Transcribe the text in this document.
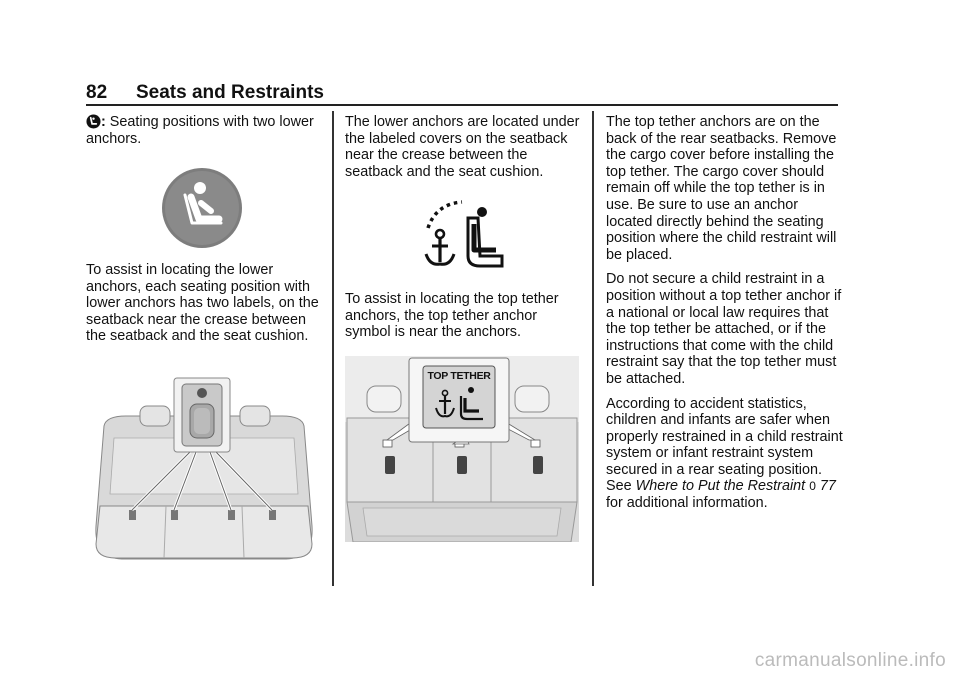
82 Seats and Restraints

: Seating positions with two lower anchors.

To assist in locating the lower anchors, each seating position with lower anchors has two labels, on the seatback near the crease between the seatback and the seat cushion.

The lower anchors are located under the labeled covers on the seatback near the crease between the seatback and the seat cushion.

To assist in locating the top tether anchors, the top tether anchor symbol is near the anchors.

TOP TETHER

The top tether anchors are on the back of the rear seatbacks. Remove the cargo cover before installing the top tether. The cargo cover should remain off while the top tether is in use. Be sure to use an anchor located directly behind the seating position where the child restraint will be placed.

Do not secure a child restraint in a position without a top tether anchor if a national or local law requires that the top tether be attached, or if the instructions that come with the child restraint say that the top tether must be attached.

According to accident statistics, children and infants are safer when properly restrained in a child restraint system or infant restraint system secured in a rear seating position. See Where to Put the Restraint 0 77 for additional information.

carmanualsonline.info
